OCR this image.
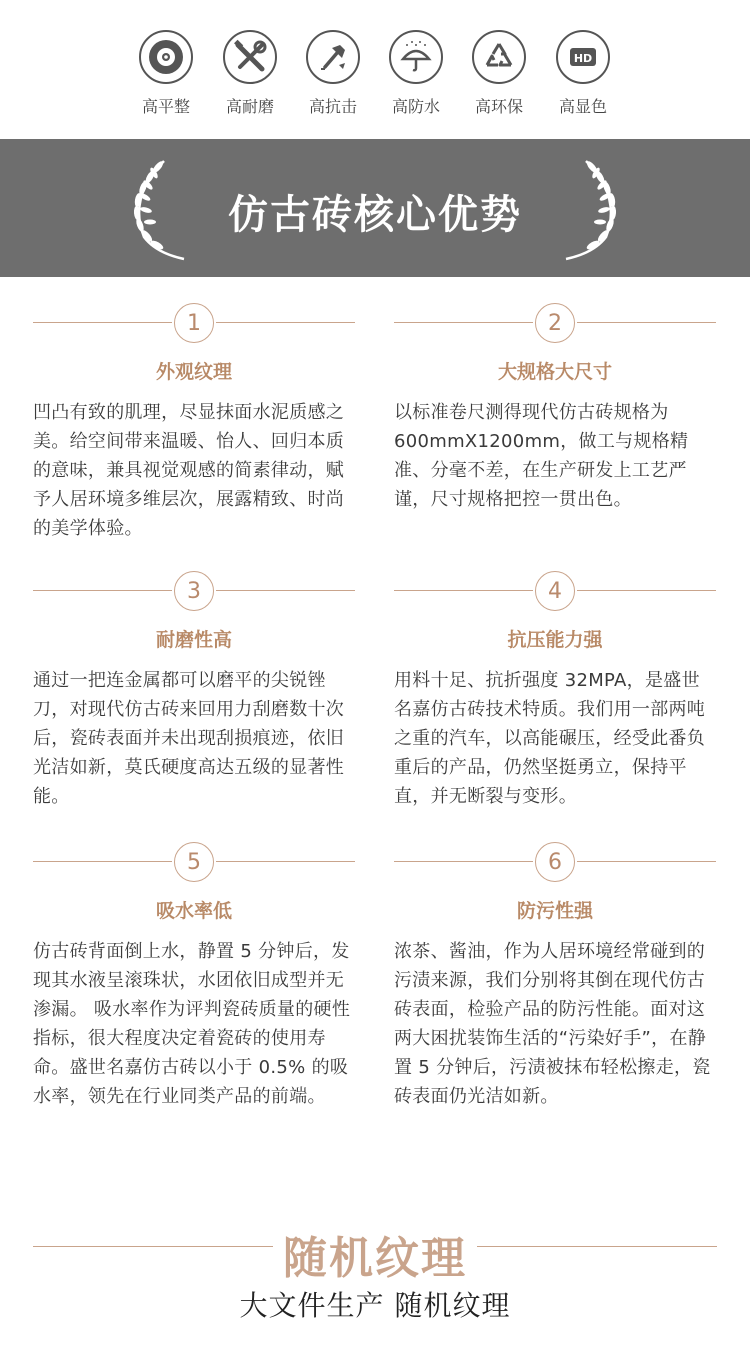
高平整	高耐磨	高抗击	高防水	高环保
HD
高显色
仿古砖核心优势
1
外观纹理
凹凸有致的肌理，尽显抹面水泥质感之美。给空间带来温暖、怡人、回归本质的意味，兼具视觉观感的简素律动，赋予人居环境多维层次，展露精致、时尚的美学体验。
2
大规格大尺寸
以标准卷尺测得现代仿古砖规格为600mmX1200mm，做工与规格精准、分毫不差，在生产研发上工艺严谨，尺寸规格把控一贯出色。
3
耐磨性高
通过一把连金属都可以磨平的尖锐锉刀，对现代仿古砖来回用力刮磨数十次后，瓷砖表面并未出现刮损痕迹，依旧光洁如新，莫氏硬度高达五级的显著性能。
4
抗压能力强
用料十足、抗折强度 32MPA，是盛世名嘉仿古砖技术特质。我们用一部两吨之重的汽车，以高能碾压，经受此番负重后的产品，仍然坚挺勇立，保持平直，并无断裂与变形。
5
吸水率低
仿古砖背面倒上水，静置 5 分钟后，发现其水液呈滚珠状，水团依旧成型并无渗漏。 吸水率作为评判瓷砖质量的硬性指标，很大程度决定着瓷砖的使用寿命。盛世名嘉仿古砖以小于 0.5% 的吸水率，领先在行业同类产品的前端。
6
防污性强
浓茶、酱油，作为人居环境经常碰到的污渍来源，我们分别将其倒在现代仿古砖表面，检验产品的防污性能。面对这两大困扰装饰生活的“污染好手”，在静置 5 分钟后，污渍被抹布轻松擦走，瓷砖表面仍光洁如新。
随机纹理
大文件生产 随机纹理
